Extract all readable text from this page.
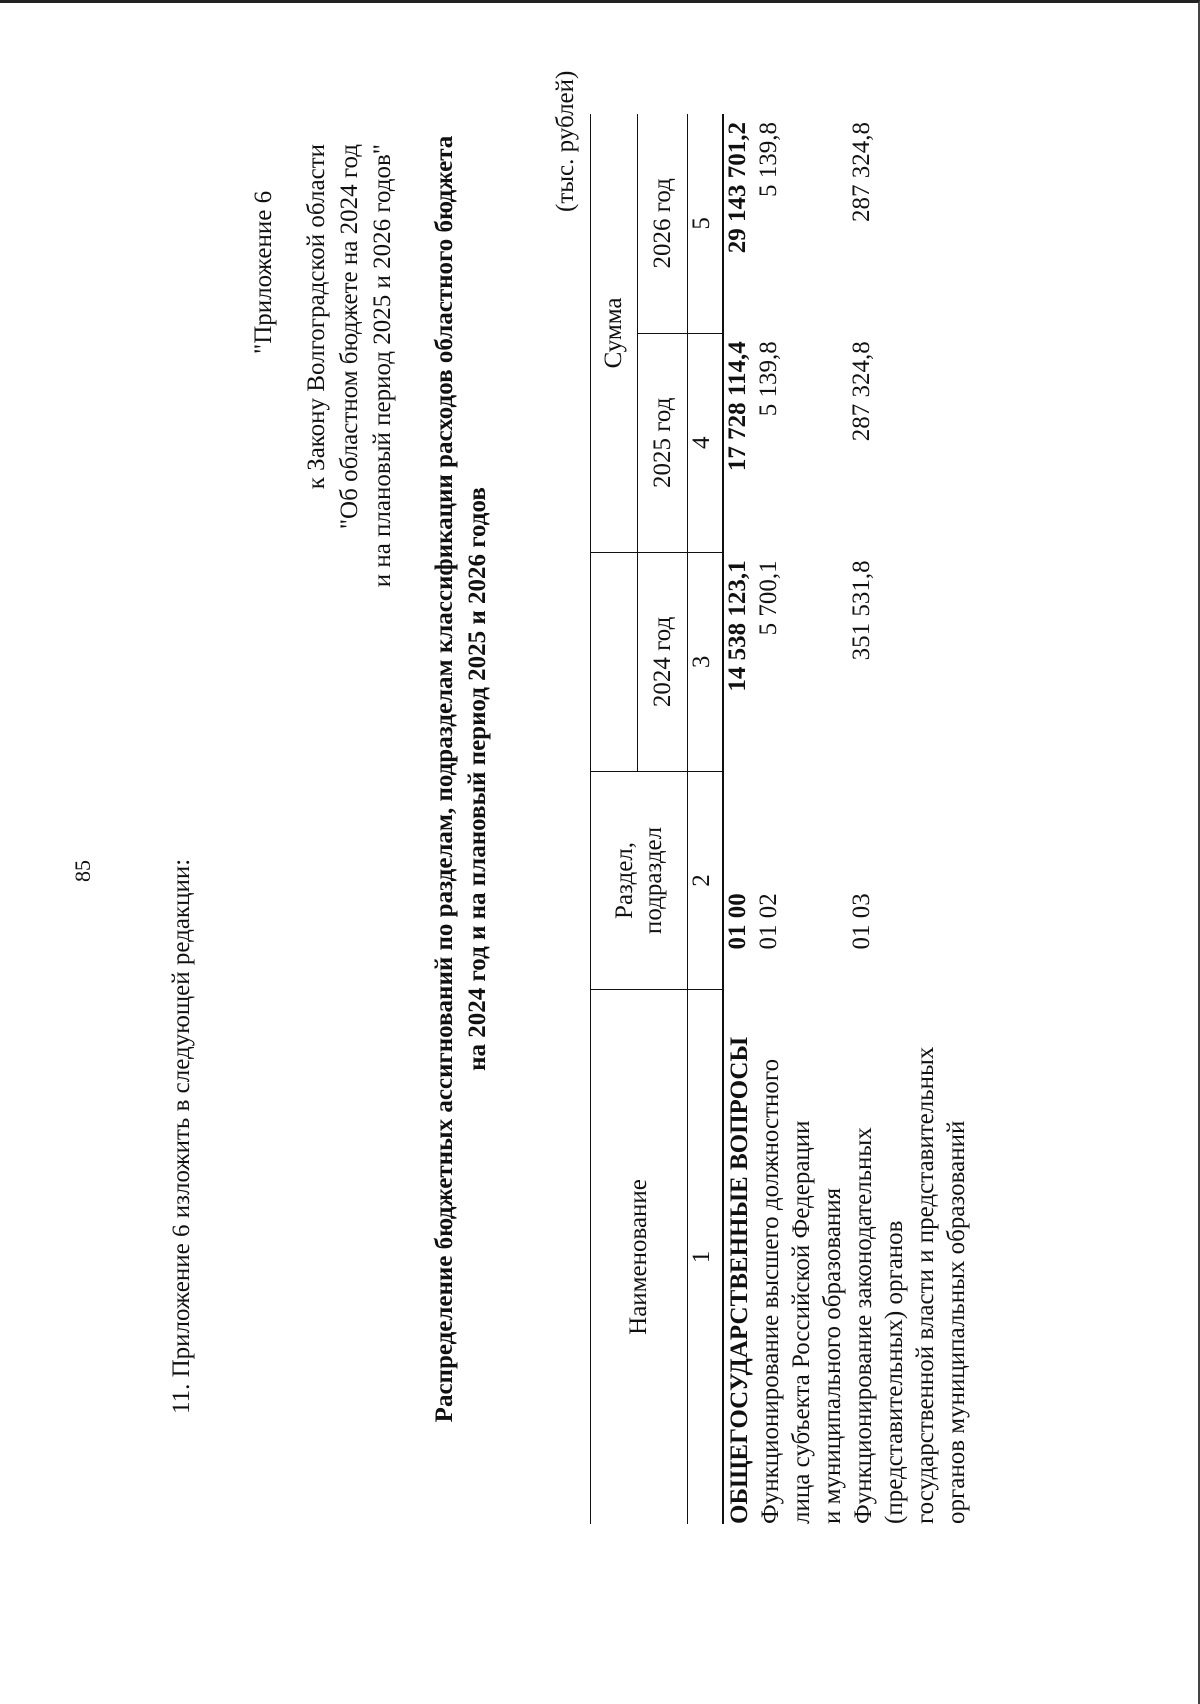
85	11. Приложение 6 изложить в следующей редакции:
"Приложение 6 к Закону Волгоградской области "Об областном бюджете на 2024 год и на плановый период 2025 и 2026 годов" Распределение бюджетных ассигнований по разделам, подразделам классификации расходов областного бюджета на 2024 год и на плановый период 2025 и 2026 годов
(тыс. рублей)
Наименование	Раздел, подраздел		Сумма	
		2024 год	2025 год	2026 год
1	2	3	4	5

ОБЩЕГОСУДАРСТВЕННЫЕ ВОПРОСЫ	01 00	14 538 123,1	17 728 114,4	29 143 701,2

Функционирование высшего должностного лица субъекта Российской Федерации и муниципального образования	01 02	5 700,1	5 139,8	5 139,8

Функционирование законодательных (представительных) органов государственной власти и представительных органов муниципальных образований	01 03	351 531,8	287 324,8	287 324,8
